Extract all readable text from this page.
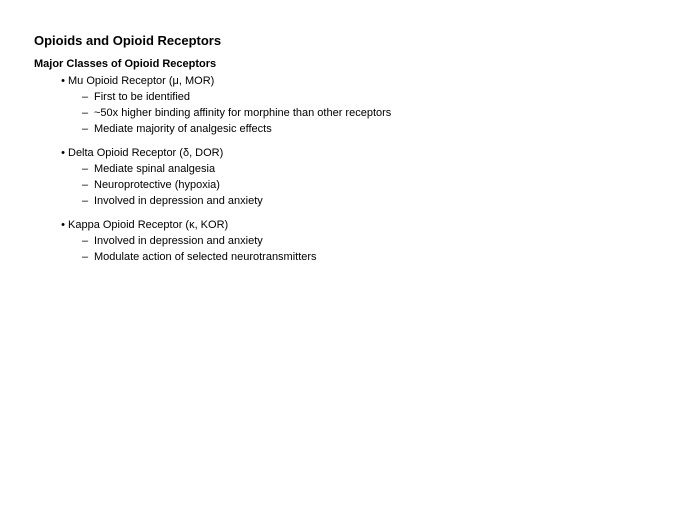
Opioids and Opioid Receptors
Major Classes of Opioid Receptors
• Mu Opioid Receptor (μ, MOR)
– First to be identified
– ~50x higher binding affinity for morphine than other receptors
– Mediate majority of analgesic effects
• Delta Opioid Receptor (δ, DOR)
– Mediate spinal analgesia
– Neuroprotective (hypoxia)
– Involved in depression and anxiety
• Kappa Opioid Receptor (κ, KOR)
– Involved in depression and anxiety
– Modulate action of selected neurotransmitters
